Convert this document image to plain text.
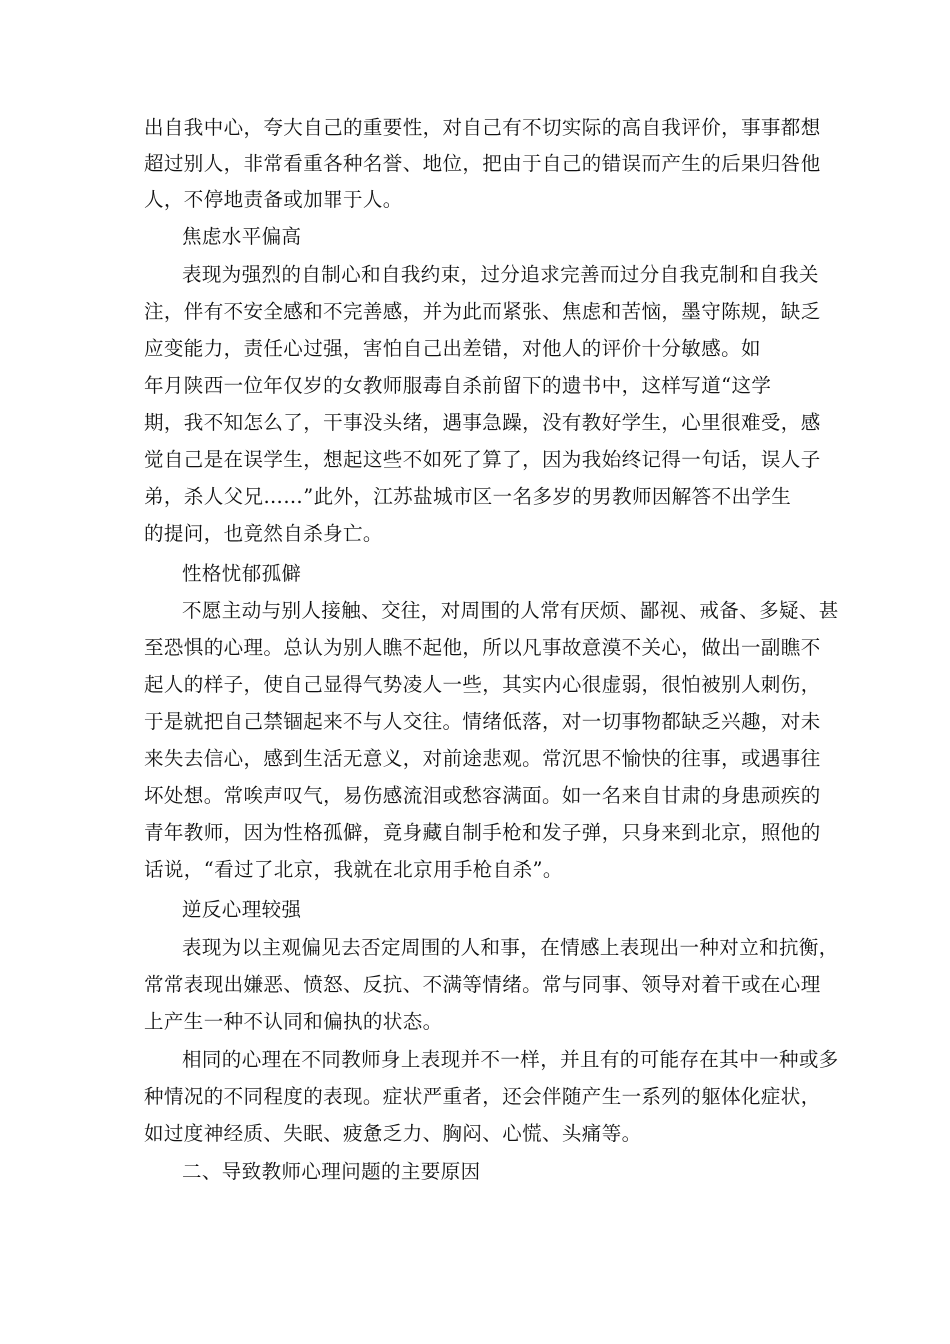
出自我中心，夸大自己的重要性，对自己有不切实际的高自我评价，事事都想
超过别人，非常看重各种名誉、地位，把由于自己的错误而产生的后果归咎他
人，不停地责备或加罪于人。
焦虑水平偏高
表现为强烈的自制心和自我约束，过分追求完善而过分自我克制和自我关
注，伴有不安全感和不完善感，并为此而紧张、焦虑和苦恼，墨守陈规，缺乏
应变能力，责任心过强，害怕自己出差错，对他人的评价十分敏感。如
年月陕西一位年仅岁的女教师服毒自杀前留下的遗书中，这样写道“这学
期，我不知怎么了，干事没头绪，遇事急躁，没有教好学生，心里很难受，感
觉自己是在误学生，想起这些不如死了算了，因为我始终记得一句话，误人子
弟，杀人父兄……”此外，江苏盐城市区一名多岁的男教师因解答不出学生
的提问，也竟然自杀身亡。
性格忧郁孤僻
不愿主动与别人接触、交往，对周围的人常有厌烦、鄙视、戒备、多疑、甚
至恐惧的心理。总认为别人瞧不起他，所以凡事故意漠不关心，做出一副瞧不
起人的样子，使自己显得气势凌人一些，其实内心很虚弱，很怕被别人刺伤，
于是就把自己禁锢起来不与人交往。情绪低落，对一切事物都缺乏兴趣，对未
来失去信心，感到生活无意义，对前途悲观。常沉思不愉快的往事，或遇事往
坏处想。常唉声叹气，易伤感流泪或愁容满面。如一名来自甘肃的身患顽疾的
青年教师，因为性格孤僻，竟身藏自制手枪和发子弹，只身来到北京，照他的
话说，“看过了北京，我就在北京用手枪自杀”。
逆反心理较强
表现为以主观偏见去否定周围的人和事，在情感上表现出一种对立和抗衡，
常常表现出嫌恶、愤怒、反抗、不满等情绪。常与同事、领导对着干或在心理
上产生一种不认同和偏执的状态。
相同的心理在不同教师身上表现并不一样，并且有的可能存在其中一种或多
种情况的不同程度的表现。症状严重者，还会伴随产生一系列的躯体化症状，
如过度神经质、失眠、疲惫乏力、胸闷、心慌、头痛等。
二、导致教师心理问题的主要原因
